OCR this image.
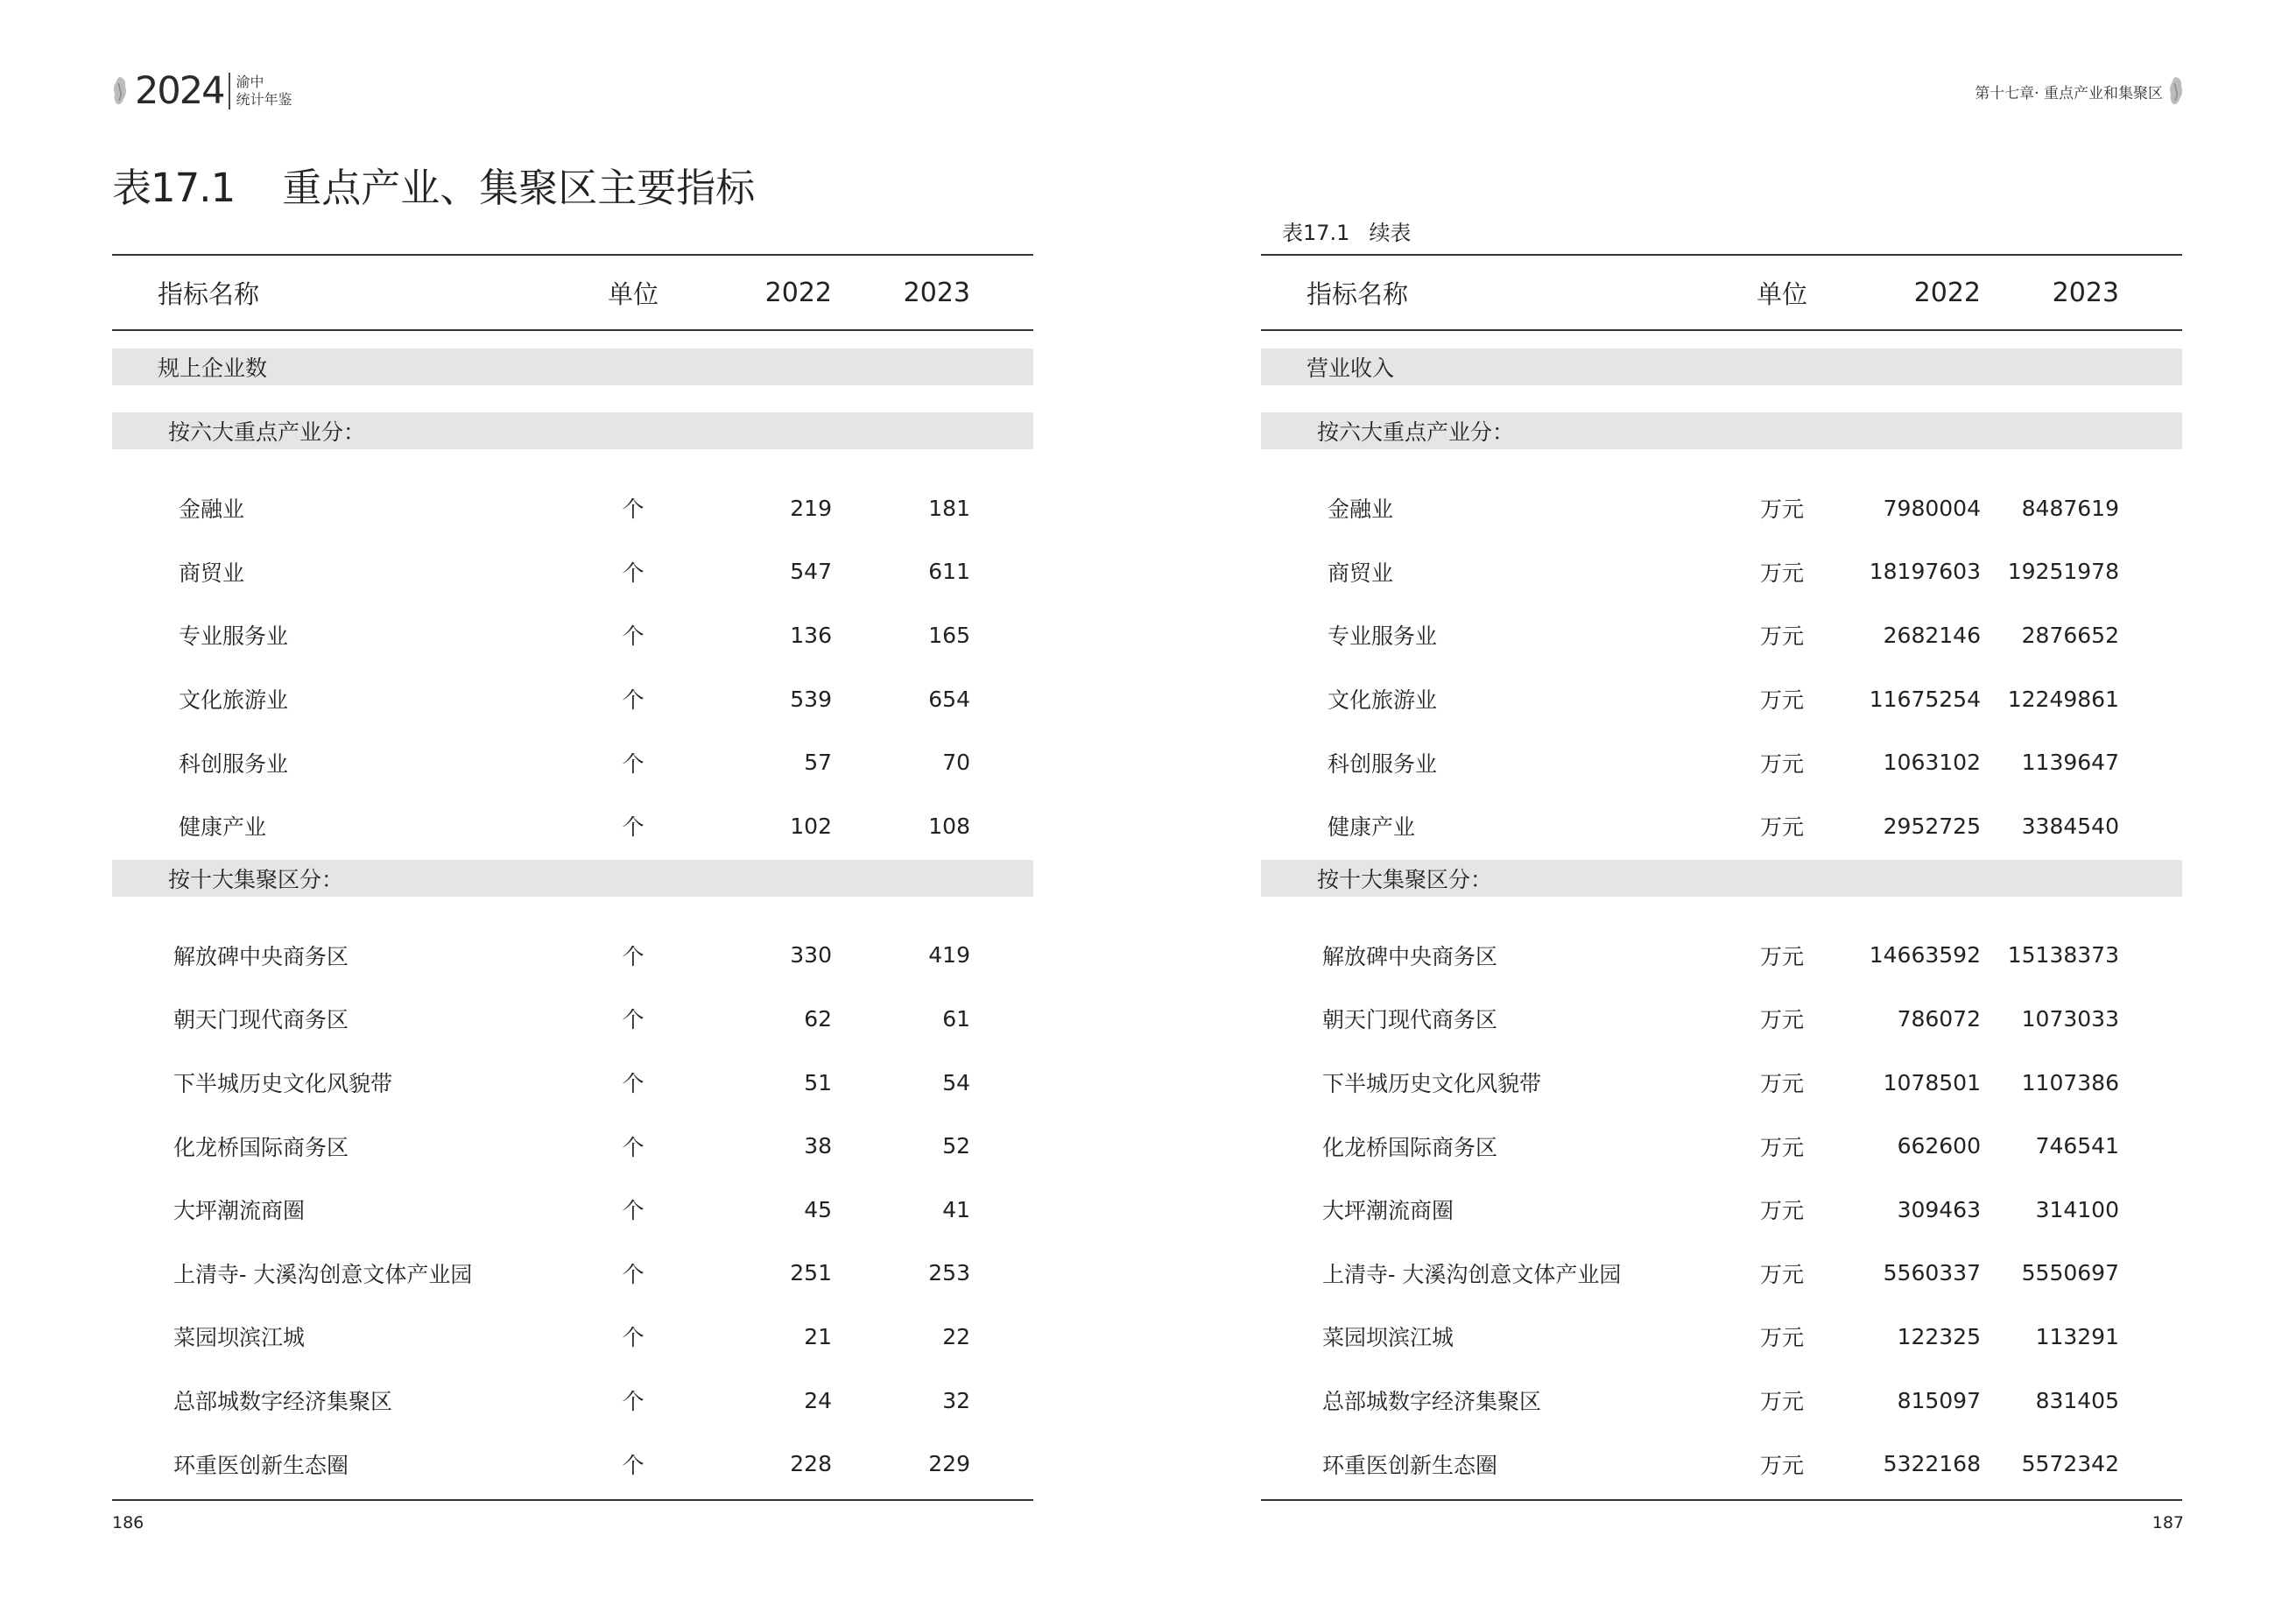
2024 渝中
统计年鉴	第十七章· 重点产业和集聚区
表17.1 重点产业、集聚区主要指标
表17.1 续表
指标名称	单位	2022	2023
规上企业数
按六大重点产业分：
金融业	个	219	181
商贸业	个	547	611
专业服务业	个	136	165
文化旅游业	个	539	654
科创服务业	个	57	70
健康产业	个	102	108
按十大集聚区分：
解放碑中央商务区	个	330	419
朝天门现代商务区	个	62	61
下半城历史文化风貌带	个	51	54
化龙桥国际商务区	个	38	52
大坪潮流商圈	个	45	41
上清寺- 大溪沟创意文体产业园	个	251	253
菜园坝滨江城	个	21	22
总部城数字经济集聚区	个	24	32
环重医创新生态圈	个	228	229
指标名称	单位	2022	2023
营业收入
按六大重点产业分：
金融业	万元	7980004 8487619
商贸业	万元	18197603 19251978
专业服务业	万元	2682146 2876652
文化旅游业	万元	11675254 12249861
科创服务业	万元	1063102 1139647
健康产业	万元	2952725 3384540
按十大集聚区分：
解放碑中央商务区	万元	14663592 15138373
朝天门现代商务区	万元	786072 1073033
下半城历史文化风貌带	万元	1078501 1107386
化龙桥国际商务区	万元	662600	746541
大坪潮流商圈	万元	309463	314100
上清寺- 大溪沟创意文体产业园	万元	5560337 5550697
菜园坝滨江城	万元	122325	113291
总部城数字经济集聚区	万元	815097	831405
环重医创新生态圈	万元	5322168 5572342
186	187
